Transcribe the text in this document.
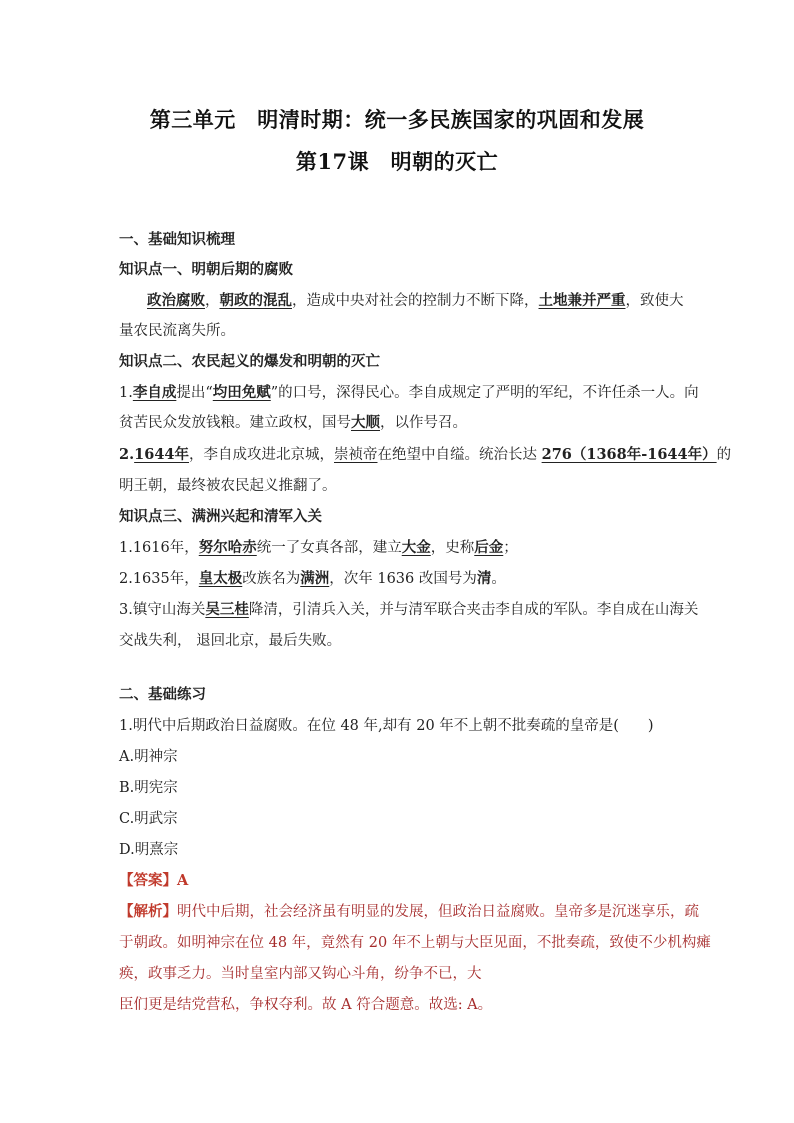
第三单元　明清时期：统一多民族国家的巩固和发展
第17课　明朝的灭亡
一、基础知识梳理
知识点一、明朝后期的腐败
政治腐败，朝政的混乱，造成中央对社会的控制力不断下降，土地兼并严重，致使大
量农民流离失所。
知识点二、农民起义的爆发和明朝的灭亡
1.李自成提出“均田免赋”的口号，深得民心。李自成规定了严明的军纪，不许任杀一人。向
贫苦民众发放钱粮。建立政权，国号大顺，以作号召。
2.1644年，李自成攻进北京城，崇祯帝在绝望中自缢。统治长达 276（1368年-1644年）的
明王朝，最终被农民起义推翻了。
知识点三、满洲兴起和清军入关
1.1616年，努尔哈赤统一了女真各部，建立大金，史称后金；
2.1635年，皇太极改族名为满洲，次年 1636 改国号为清。
3.镇守山海关吴三桂降清，引清兵入关，并与清军联合夹击李自成的军队。李自成在山海关
交战失利， 退回北京，最后失败。
二、基础练习
1.明代中后期政治日益腐败。在位 48 年,却有 20 年不上朝不批奏疏的皇帝是(　　)
A.明神宗
B.明宪宗
C.明武宗
D.明熹宗
【答案】A
【解析】明代中后期，社会经济虽有明显的发展，但政治日益腐败。皇帝多是沉迷享乐，疏
于朝政。如明神宗在位 48 年，竟然有 20 年不上朝与大臣见面，不批奏疏，致使不少机构瘫
痪，政事乏力。当时皇室内部又钩心斗角，纷争不已，大
臣们更是结党营私，争权夺利。故 A 符合题意。故选: A。
